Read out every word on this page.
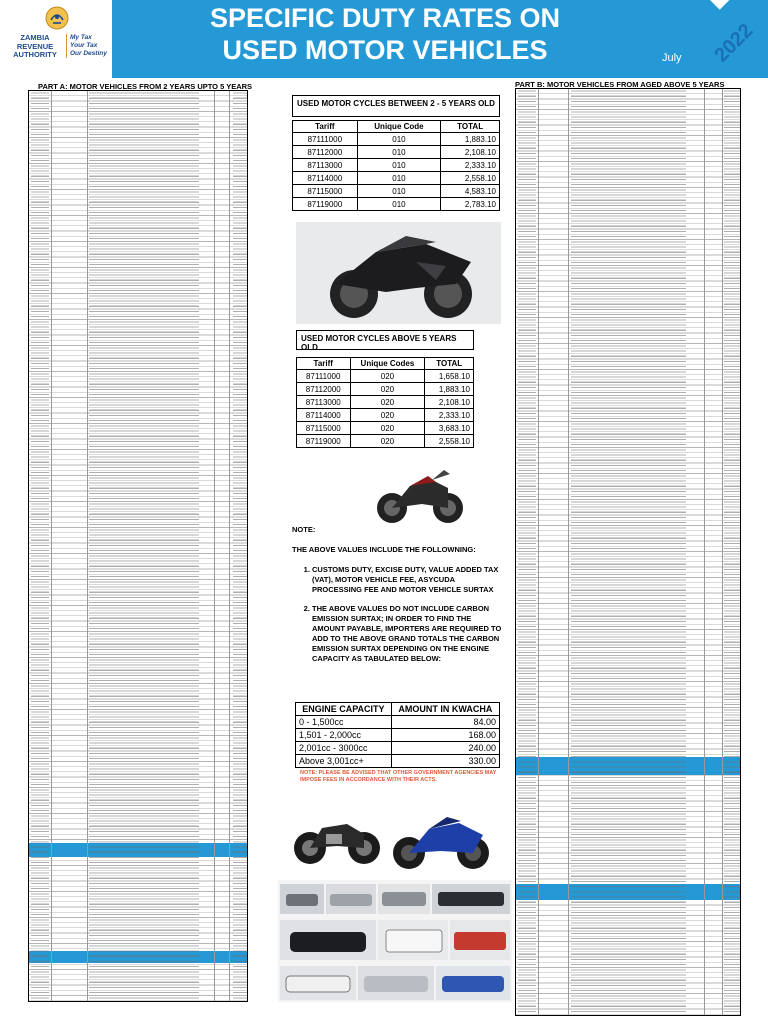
ZAMBIA REVENUE AUTHORITY
My Tax
Your Tax
Our Destiny
SPECIFIC DUTY RATES ON
USED MOTOR VEHICLES	July 2022
PART A: MOTOR VEHICLES FROM 2 YEARS UPTO 5 YEARS	PART B: MOTOR VEHICLES FROM AGED ABOVE 5 YEARS
USED MOTOR CYCLES BETWEEN 2 - 5 YEARS OLD
Tariff	Unique Code	TOTAL
87111000	010	1,883.10
87112000	010	2,108.10
87113000	010	2,333.10
87114000	010	2,558.10
87115000	010	4,583.10
87119000	010	2,783.10
USED MOTOR CYCLES ABOVE 5 YEARS OLD
Tariff	Unique Codes	TOTAL
87111000	020	1,658.10
87112000	020	1,883.10
87113000	020	2,108.10
87114000	020	2,333.10
87115000	020	3,683.10
87119000	020	2,558.10

NOTE:

THE ABOVE VALUES INCLUDE THE FOLLOWNING:

1. CUSTOMS DUTY, EXCISE DUTY, VALUE ADDED TAX (VAT), MOTOR VEHICLE FEE, ASYCUDA PROCESSING FEE AND MOTOR VEHICLE SURTAX
2. THE ABOVE VALUES DO NOT INCLUDE CARBON EMISSION SURTAX; IN ORDER TO FIND THE AMOUNT PAYABLE, IMPORTERS ARE REQUIRED TO ADD TO THE ABOVE GRAND TOTALS THE CARBON EMISSION SURTAX DEPENDING ON THE ENGINE CAPACITY AS TABULATED BELOW:
ENGINE CAPACITY	AMOUNT IN KWACHA
0 - 1,500cc	84.00
1,501 - 2,000cc	168.00
2,001cc - 3000cc	240.00
Above 3,001cc+	330.00
NOTE: PLEASE BE ADVISED THAT OTHER GOVERNMENT AGENCIES MAY IMPOSE FEES IN ACCORDANCE WITH THEIR ACTS.
